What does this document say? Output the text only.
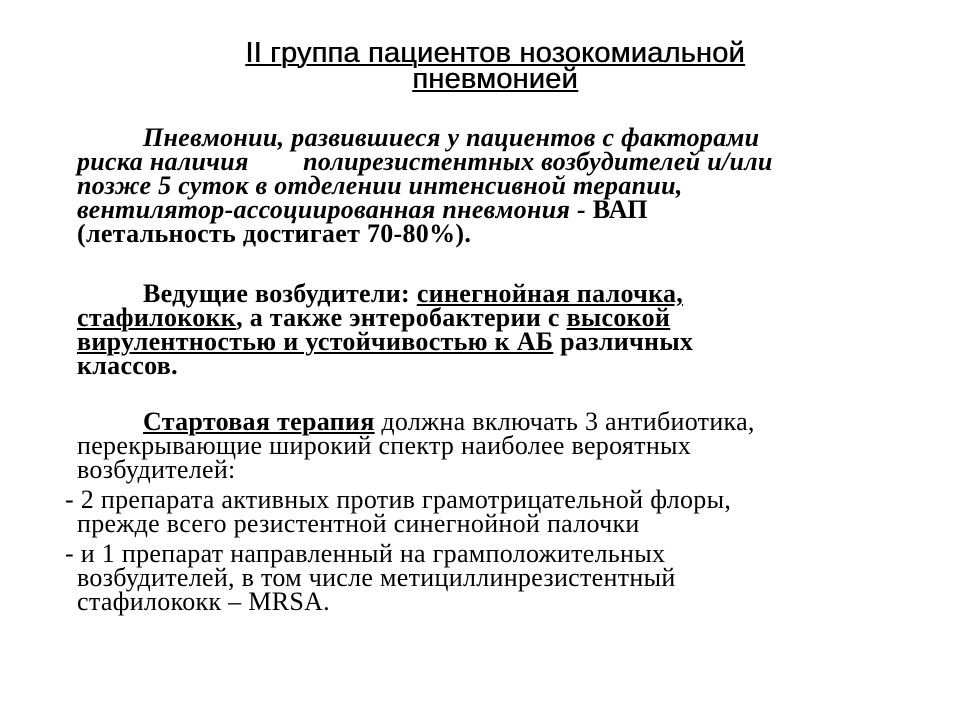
II группа пациентов нозокомиальной
пневмонией

Пневмонии, развившиеся у пациентов с факторами
риска наличия        полирезистентных возбудителей и/или
позже 5 суток в отделении интенсивной терапии,
вентилятор-ассоциированная пневмония - ВАП
(летальность достигает 70-80%).

Ведущие возбудители: синегнойная палочка,
стафилококк, а также энтеробактерии с высокой
вирулентностью и устойчивостью к АБ различных
классов.

Стартовая терапия должна включать 3 антибиотика,
перекрывающие широкий спектр наиболее вероятных
возбудителей:

- 2 препарата активных против грамотрицательной флоры,
прежде всего резистентной синегнойной палочки

- и 1 препарат направленный на грамположительных
возбудителей, в том числе метициллинрезистентный
стафилококк – MRSA.
